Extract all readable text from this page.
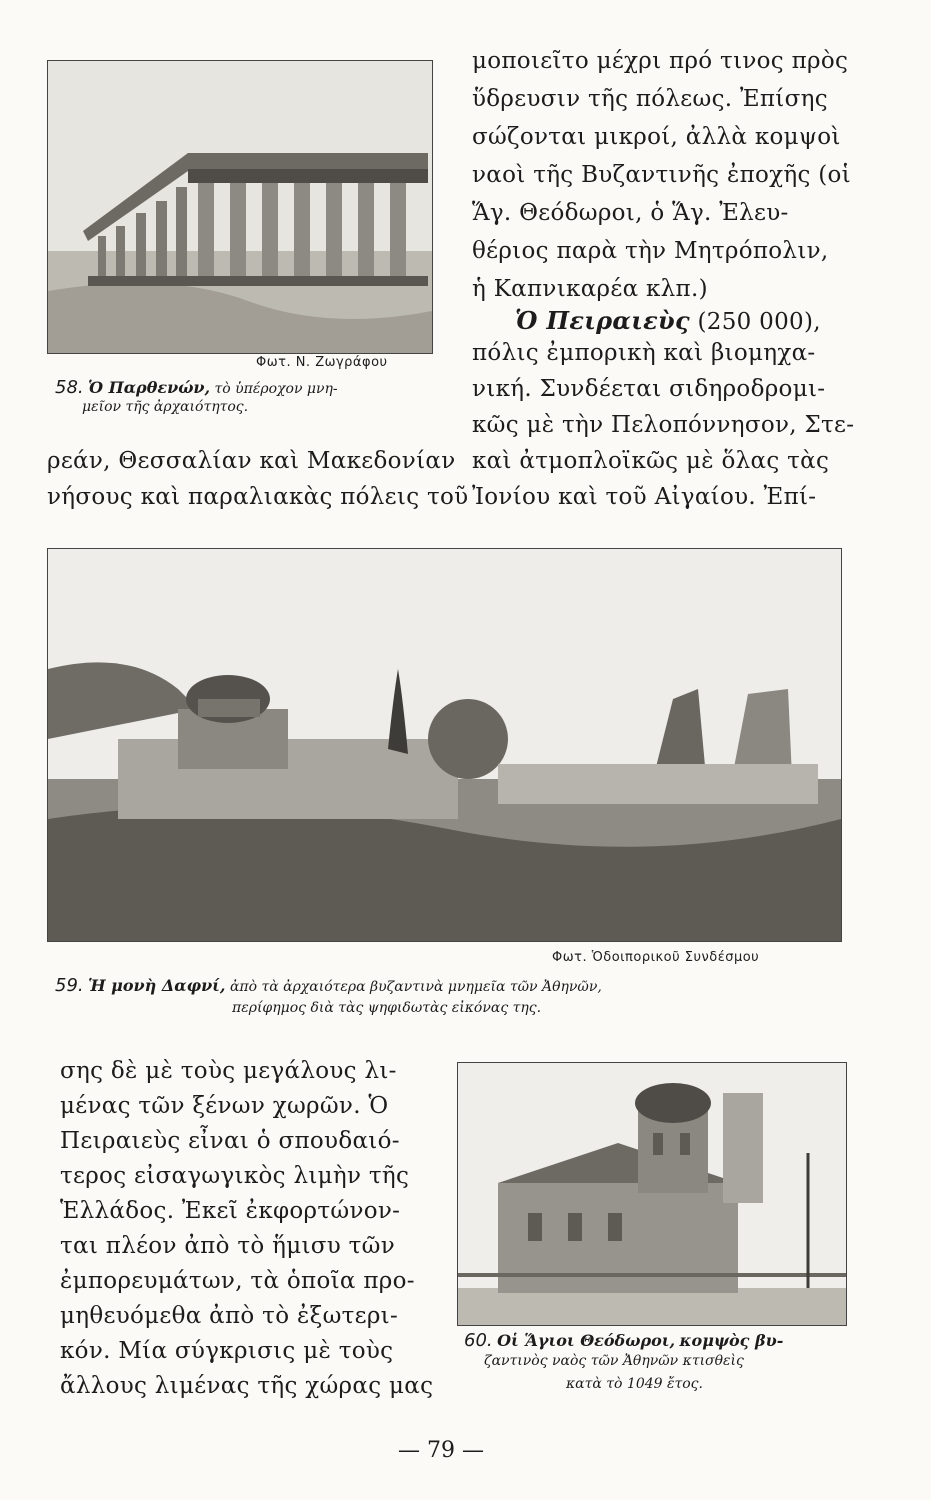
Φωτ. Ν. Ζωγράφου
58. Ὁ Παρθενών, τὸ ὑπέροχον μνη-
μεῖον τῆς ἀρχαιότητος.
μοποιεῖτο μέχρι πρό τινος πρὸς
ὕδρευσιν τῆς πόλεως. Ἐπίσης
σώζονται μικροί, ἀλλὰ κομψοὶ
ναοὶ τῆς Βυζαντινῆς ἐποχῆς (οἱ
Ἅγ. Θεόδωροι, ὁ Ἅγ. Ἐλευ-
θέριος παρὰ τὴν Μητρόπολιν,
ἡ Καπνικαρέα κλπ.)
Ὁ Πειραιεὺς (250 000),
πόλις ἐμπορικὴ καὶ βιομηχα-
νική. Συνδέεται σιδηροδρομι-
κῶς μὲ τὴν Πελοπόννησον, Στε-
καὶ ἀτμοπλοϊκῶς μὲ ὅλας τὰς
Ἰονίου καὶ τοῦ Αἰγαίου. Ἐπί-
ρεάν, Θεσσαλίαν καὶ Μακεδονίαν
νήσους καὶ παραλιακὰς πόλεις τοῦ
Φωτ. Ὁδοιπορικοῦ Συνδέσμου
59. Ἡ μονὴ Δαφνί, ἀπὸ τὰ ἀρχαιότερα βυζαντινὰ μνημεῖα τῶν Ἀθηνῶν,
περίφημος διὰ τὰς ψηφιδωτὰς εἰκόνας της.
σης δὲ μὲ τοὺς μεγάλους λι-
μένας τῶν ξένων χωρῶν. Ὁ
Πειραιεὺς εἶναι ὁ σπουδαιό-
τερος εἰσαγωγικὸς λιμὴν τῆς
Ἑλλάδος. Ἐκεῖ ἐκφορτώνον-
ται πλέον ἀπὸ τὸ ἥμισυ τῶν
ἐμπορευμάτων, τὰ ὁποῖα προ-
μηθευόμεθα ἀπὸ τὸ ἐξωτερι-
κόν. Μία σύγκρισις μὲ τοὺς
ἄλλους λιμένας τῆς χώρας μας
60. Οἱ Ἅγιοι Θεόδωροι, κομψὸς βυ-
ζαντινὸς ναὸς τῶν Ἀθηνῶν κτισθεὶς
κατὰ τὸ 1049 ἔτος.
— 79 —
